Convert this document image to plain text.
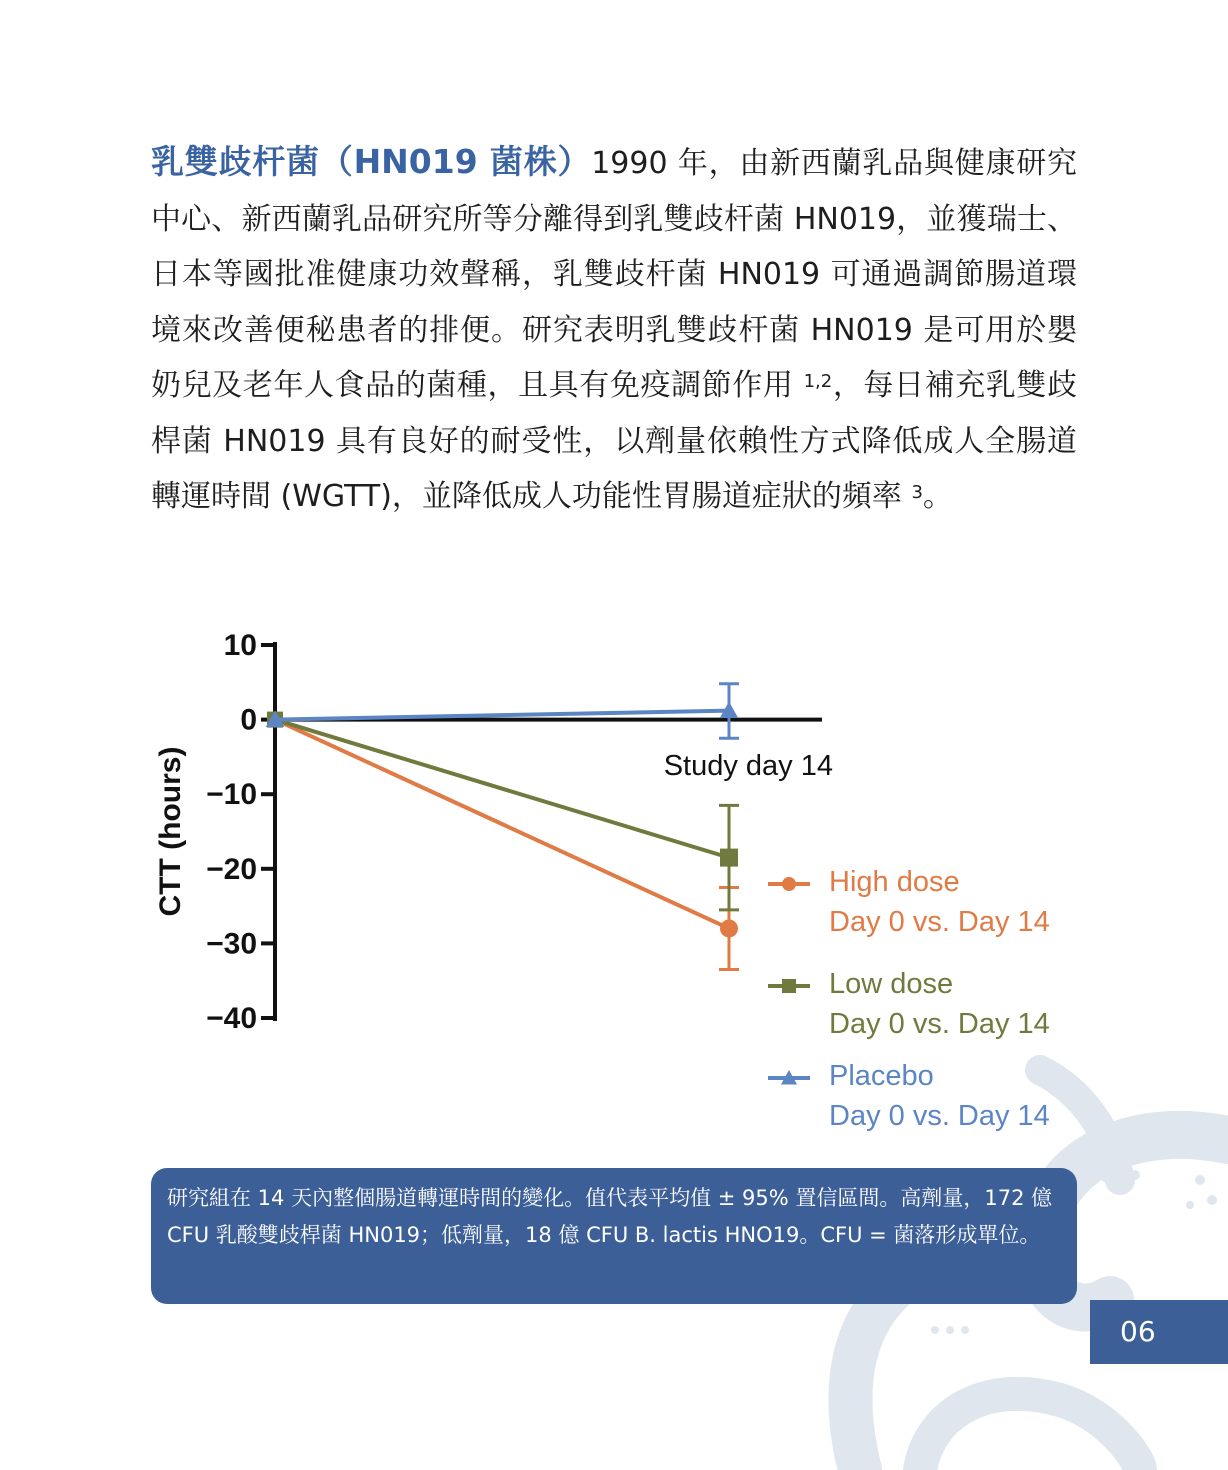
乳雙歧杆菌（HN019 菌株）1990 年，由新西蘭乳品與健康研究中心、新西蘭乳品研究所等分離得到乳雙歧杆菌 HN019，並獲瑞士、日本等國批准健康功效聲稱，乳雙歧杆菌 HN019 可通過調節腸道環境來改善便秘患者的排便。研究表明乳雙歧杆菌 HN019 是可用於嬰奶兒及老年人食品的菌種，且具有免疫調節作用 $^{1,2}$，每日補充乳雙歧桿菌 HN019 具有良好的耐受性，以劑量依賴性方式降低成人全腸道轉運時間 (WGTT)，並降低成人功能性胃腸道症狀的頻率 $^3$。

10
0
−10
−20
−30
−40
CTT (hours)	Study day 14
High dose
Day 0 vs. Day 14
Low dose
Day 0 vs. Day 14
Placebo
Day 0 vs. Day 14
研究組在 14 天內整個腸道轉運時間的變化。值代表平均值 ± 95% 置信區間。高劑量，172 億 CFU 乳酸雙歧桿菌 HN019；低劑量，18 億 CFU B. lactis HNO19。CFU = 菌落形成單位。
06
